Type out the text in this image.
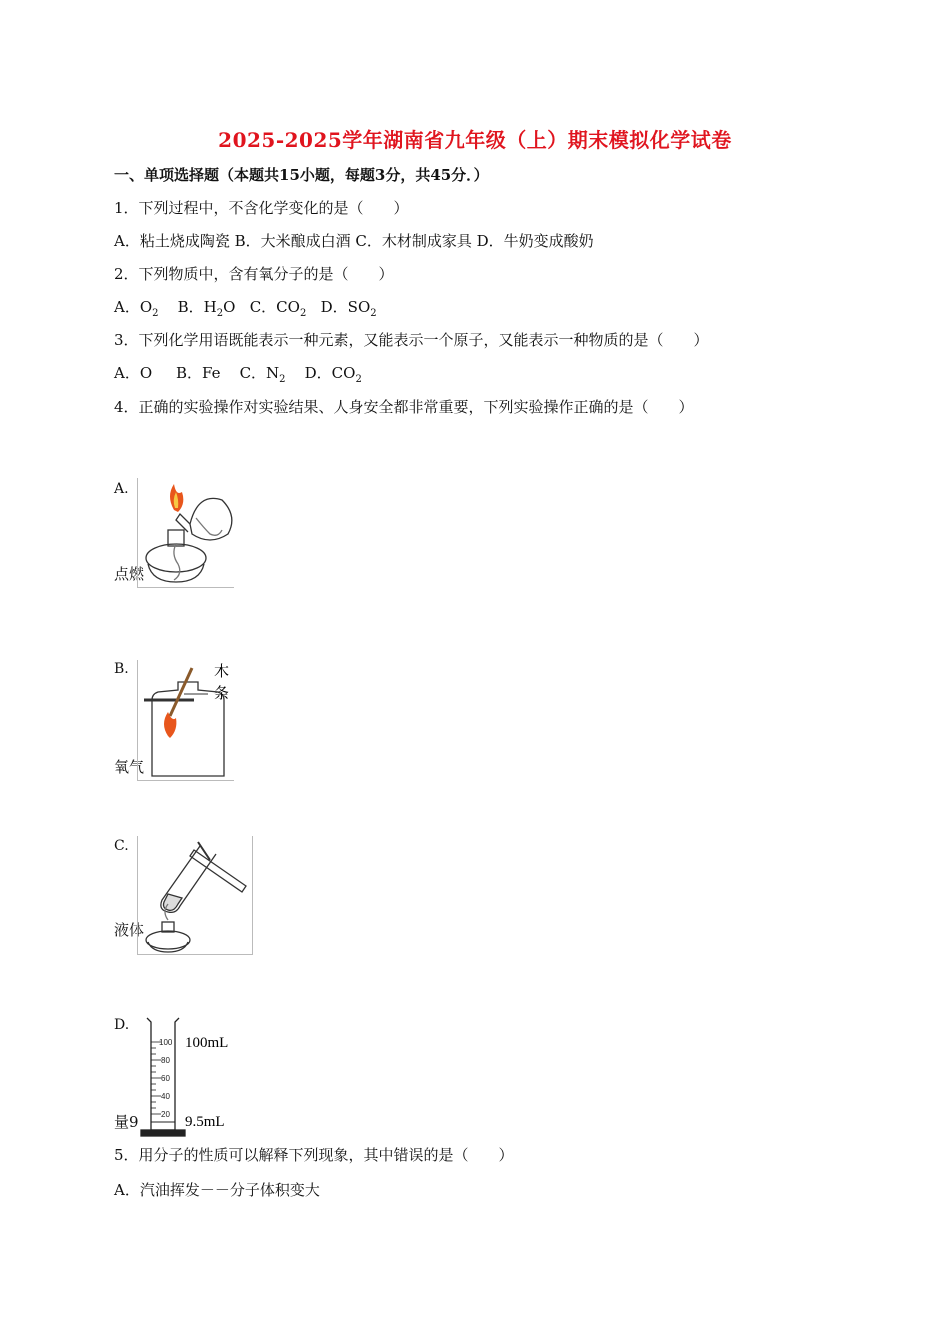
2025-2025学年湖南省九年级（上）期末模拟化学试卷
一、单项选择题（本题共15小题，每题3分，共45分．）
1．下列过程中，不含化学变化的是（　　）
A．粘土烧成陶瓷 B．大米酿成白酒 C．木材制成家具 D．牛奶变成酸奶
2．下列物质中，含有氧分子的是（　　）
A．$O_2$ B．$H_2O$ C．$CO_2$ D．$SO_2$
3．下列化学用语既能表示一种元素，又能表示一个原子，又能表示一种物质的是（　　）
A．O B．Fe C．$N_2$ D．$CO_2$
4．正确的实验操作对实验结果、人身安全都非常重要，下列实验操作正确的是（　　）
A.
点燃
B.
氧气
木
条
C.
液体
D.
量9
100
80
60
40
20
100mL
9.5mL
5．用分子的性质可以解释下列现象，其中错误的是（　　）
A．汽油挥发－－分子体积变大
